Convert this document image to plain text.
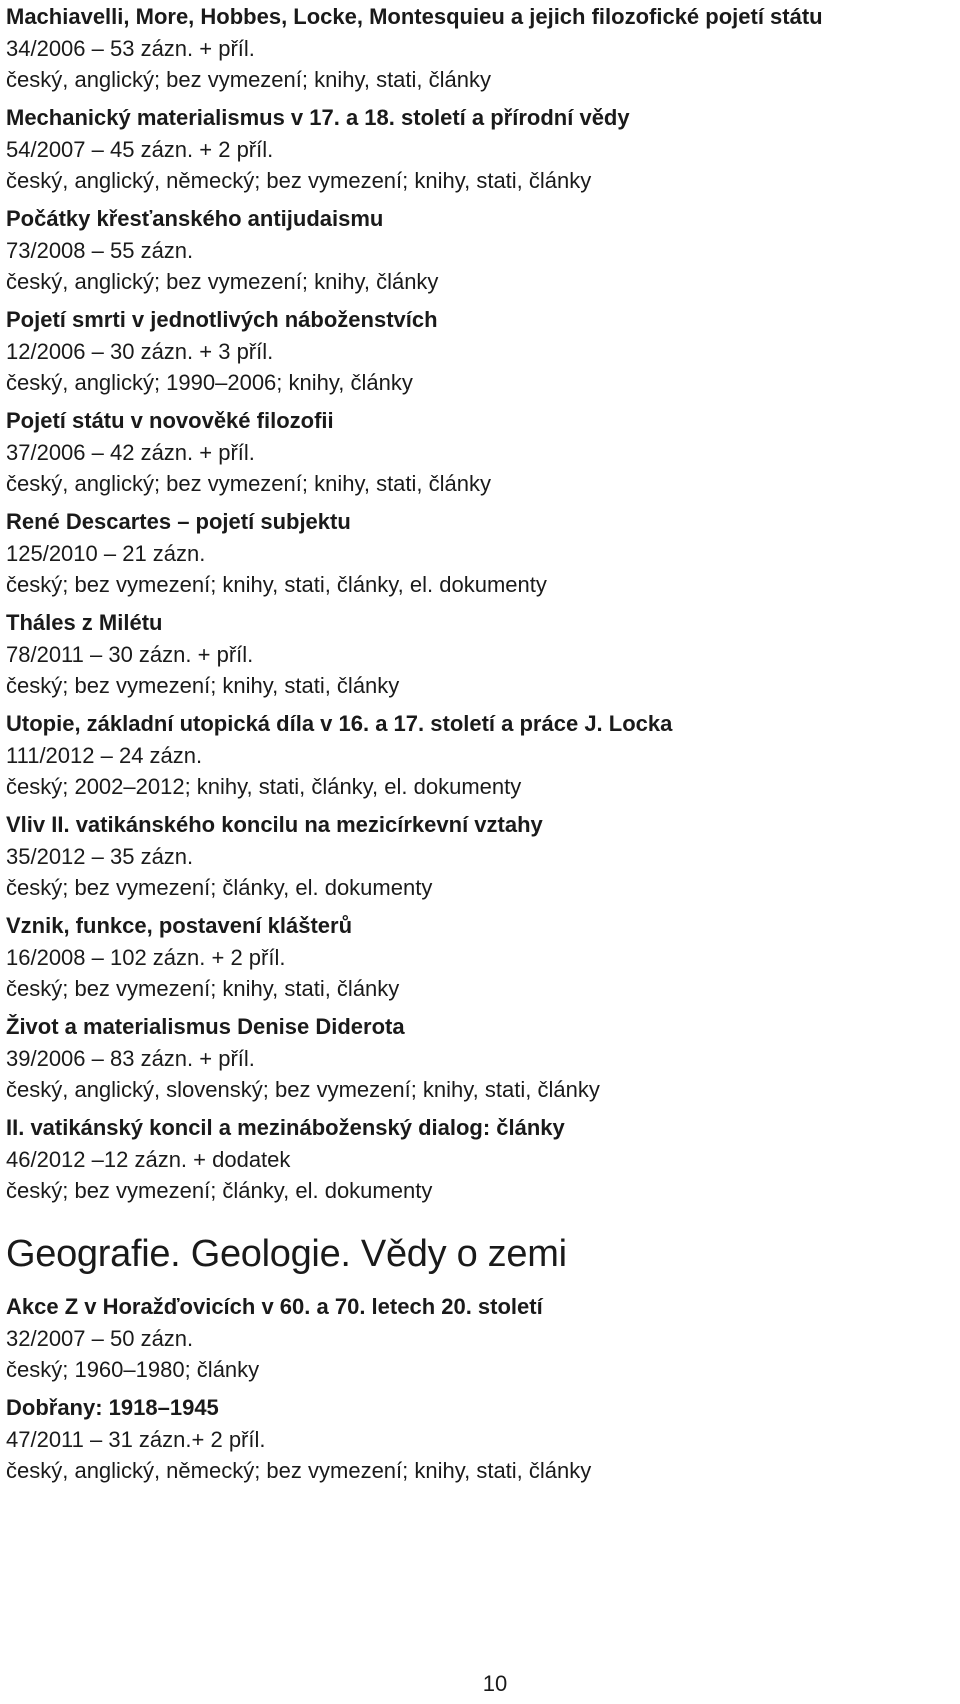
Machiavelli, More, Hobbes, Locke, Montesquieu a jejich filozofické pojetí státu
34/2006 – 53 zázn. + příl.
český, anglický; bez vymezení; knihy, stati, články
Mechanický materialismus v 17. a 18. století a přírodní vědy
54/2007 – 45 zázn. + 2 příl.
český, anglický, německý; bez vymezení; knihy, stati, články
Počátky křesťanského antijudaismu
73/2008 – 55 zázn.
český, anglický; bez vymezení; knihy, články
Pojetí smrti v jednotlivých náboženstvích
12/2006 – 30 zázn. + 3 příl.
český, anglický; 1990–2006; knihy, články
Pojetí státu v novověké filozofii
37/2006 – 42 zázn. + příl.
český, anglický; bez vymezení; knihy, stati, články
René Descartes – pojetí subjektu
125/2010 – 21 zázn.
český; bez vymezení; knihy, stati, články, el. dokumenty
Tháles z Milétu
78/2011 – 30 zázn. + příl.
český; bez vymezení; knihy, stati, články
Utopie, základní utopická díla v 16. a 17. století a práce J. Locka
111/2012 – 24 zázn.
český; 2002–2012; knihy, stati, články, el. dokumenty
Vliv II. vatikánského koncilu na mezicírkevní vztahy
35/2012 – 35 zázn.
český; bez vymezení; články, el. dokumenty
Vznik, funkce, postavení klášterů
16/2008 – 102 zázn. + 2 příl.
český; bez vymezení; knihy, stati, články
Život a materialismus Denise Diderota
39/2006 – 83 zázn. + příl.
český, anglický, slovenský; bez vymezení; knihy, stati, články
II. vatikánský koncil a mezináboženský dialog: články
46/2012 –12 zázn. + dodatek
český; bez vymezení; články, el. dokumenty
Geografie. Geologie. Vědy o zemi
Akce Z v Horažďovicích v 60. a 70. letech 20. století
32/2007 – 50 zázn.
český; 1960–1980; články
Dobřany: 1918–1945
47/2011 – 31 zázn.+ 2 příl.
český, anglický, německý; bez vymezení; knihy, stati, články
10
